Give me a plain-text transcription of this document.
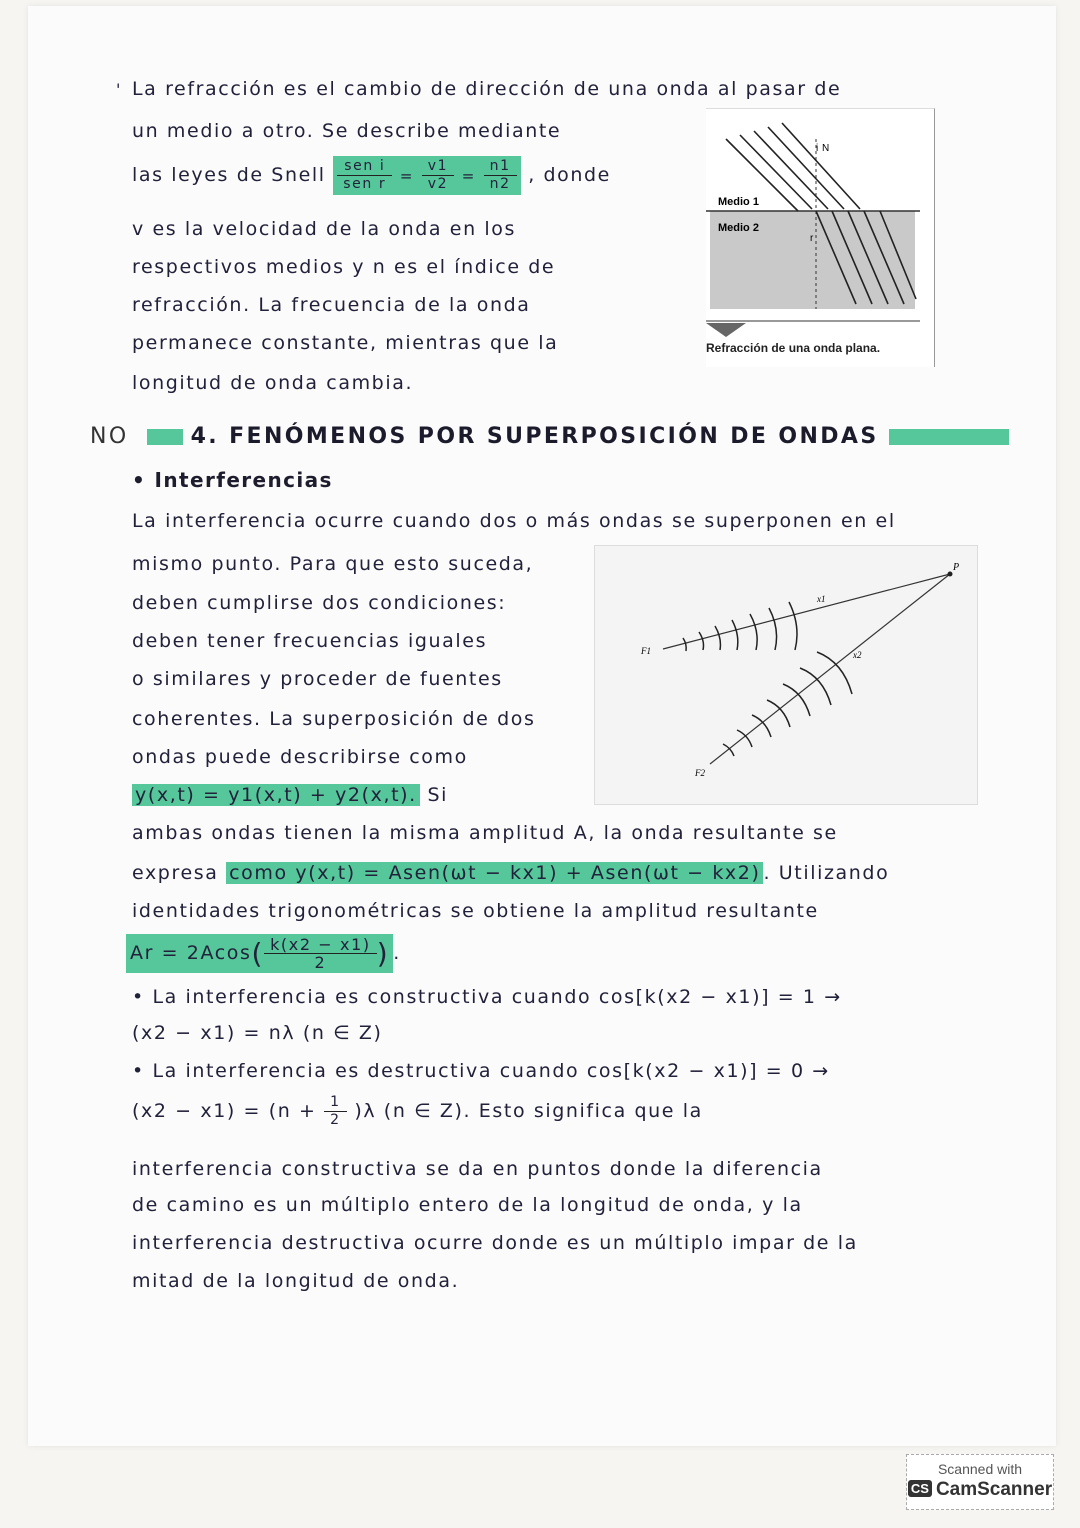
' La refracción es el cambio de dirección de una onda al pasar de
un medio a otro. Se describe mediante
las leyes de Snell $\frac{\text{sen i}}{\text{sen r}} = \frac{v1}{v2} = \frac{n1}{n2}$ , donde
v es la velocidad de la onda en los
respectivos medios y n es el índice de
refracción. La frecuencia de la onda
permanece constante, mientras que la
longitud de onda cambia.
i N
r
Medio 1
Medio 2
Refracción de una onda plana.
NO	4. FENÓMENOS POR SUPERPOSICIÓN DE ONDAS
• Interferencias
La interferencia ocurre cuando dos o más ondas se superponen en el
mismo punto. Para que esto suceda,
deben cumplirse dos condiciones:
deben tener frecuencias iguales
o similares y proceder de fuentes
coherentes. La superposición de dos
ondas puede describirse como
y(x,t) = y1(x,t) + y2(x,t). Si
P
x1
x2
F1
F2
ambas ondas tienen la misma amplitud A, la onda resultante se
expresa como y(x,t) = Asen(ωt − kx1) + Asen(ωt − kx2) . Utilizando
identidades trigonométricas se obtiene la amplitud resultante
$Ar = 2Acos( \frac{k(x2 - x1)}{2}$ ) .
• La interferencia es constructiva cuando cos[k(x2 − x1)] = 1 →
(x2 − x1) = nλ (n ∈ Z)
• La interferencia es destructiva cuando cos[k(x2 − x1)] = 0 →
$(x2 - x1) = (n + \frac{1}{2} )\lambda$ (n ∈ Z). Esto significa que la
interferencia constructiva se da en puntos donde la diferencia
de camino es un múltiplo entero de la longitud de onda, y la
interferencia destructiva ocurre donde es un múltiplo impar de la
mitad de la longitud de onda.
Scanned with
CS CamScanner
